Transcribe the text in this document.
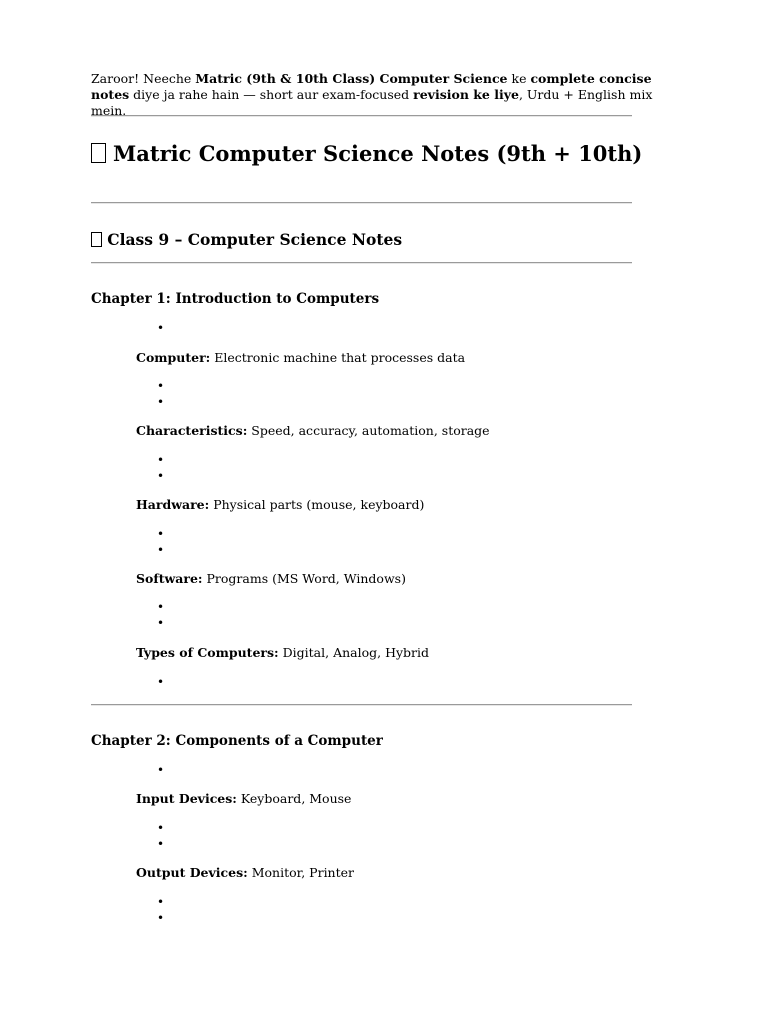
Zaroor! Neeche Matric (9th & 10th Class) Computer Science ke complete concise notes diye ja rahe hain — short aur exam-focused revision ke liye, Urdu + English mix mein.

Matric Computer Science Notes (9th + 10th)
Class 9 – Computer Science Notes
Chapter 1: Introduction to Computers
•
Computer: Electronic machine that processes data
•
•
Characteristics: Speed, accuracy, automation, storage
•
•
Hardware: Physical parts (mouse, keyboard)
•
•
Software: Programs (MS Word, Windows)
•
•
Types of Computers: Digital, Analog, Hybrid
•
Chapter 2: Components of a Computer
•
Input Devices: Keyboard, Mouse
•
•
Output Devices: Monitor, Printer
•
•
